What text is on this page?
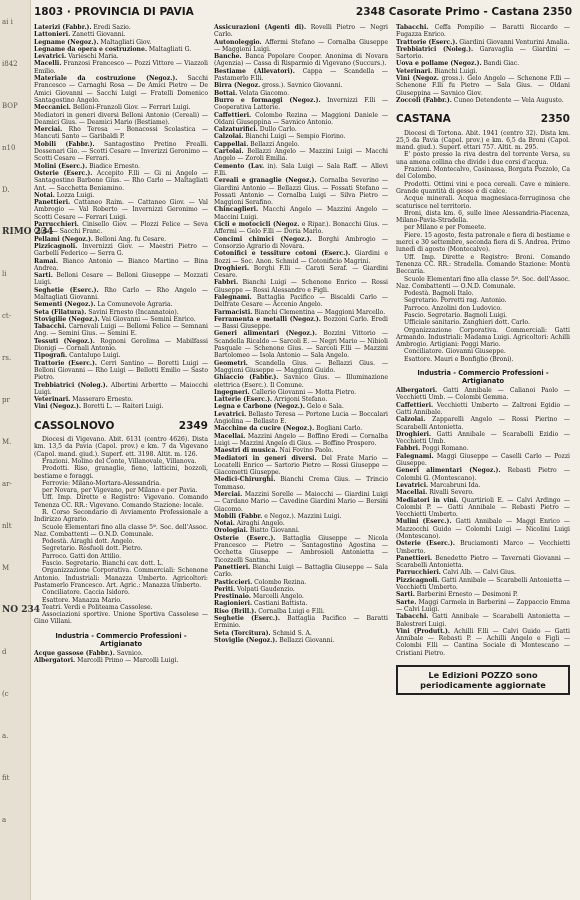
ai i
i842
BOP
n10
D.
RIMO 234
li
ct-
rs.
pr
M.
ar-
nlt
M
NO 234
d
(c
a.
fit
a
1803 · PROVINCIA DI PAVIA	2348 Casorate Primo - Castana 2350

Laterizi (Fabbr.). Eredi Sazio.

Lattonieri. Zanetti Giovanni.

Legname (Negoz.). Maltagliati Giov.

Legname da opera e costruzione. Maltagliati G.

Levatrici. Varieschi Maria.

Macelli. Franzosi Francesco — Pozzi Vittore — Viazzoli Emilio.

Materiale da costruzione (Negoz.). Sacchi Francesco — Carnaghi Rosa — De Amici Pietro — De Amici Giovanni — Sacchi Luigi — Fratelli Domenico Santagostino Angelo.

Meccanici. Belloni-Franzoli Giov. — Ferrari Luigi.

Mediatori in generi diversi Belloni Antonio (Cereali) — Deamici Gius. — Deamici Mario (Bestiame).

Merciai. Rho Teresa — Bonacossi Scolastica — Mancuti Santo — Garibaldi P.

Mobili (Fabbr.). Santagostino Pretino Frealli. Dossenari Gio. — Scotti Cesare — Inverizzi Geronimo — Scotti Cesare — Ferrari.

Molini (Eserc.). Biadice Ernesto.

Osterie (Eserc.). Accepito F.lli — Gi ni Angelo — Santagostino Barbone Gius. — Rho Carlo — Maltagliati Ant. — Sacchetta Beniamino.

Notai. Lozza Luigi.

Panettieri. Cattaneo Raim. — Cattaneo Giov. — Val Ambrogio — Val Roberto — Invernizzi Geronimo — Scotti Cesare — Ferrari Luigi.

Parrucchieri. Cinisello Giov. — Plozzi Felice — Seva Gius. — Sacchi Franc.

Pellami (Negoz.). Belloni Ang. fu Cesare.

Pizzicagnoli. Invernizzi Giov. — Maestri Pietro — Garbelli Federico — Serra G.

Ramai. Bianco Antonio — Bianco Martino — Bina Andrea.

Sarti. Belloni Cesare — Belloni Giuseppe — Mozzati Luigi.

Seghetie (Eserc.). Rho Carlo — Rho Angelo — Maltagliati Giovanni.

Sementi (Negoz.). La Comunevole Agraria.

Seta (Filatura). Savini Ernesto (Incannatoio).

Stovigilie (Negoz.). Vai Giovanni — Seminì Enrico.

Tabacchi. Carnevali Luigi — Bellomi Felice — Semnani Ang. — Semini Gius. — Semini E.

Tessuti (Negoz.). Rognoni Gerolima — Mabilfassi Dionigi — Cornali Antonio.

Tipografi. Cantalupo Luigi.

Trattorie (Eserc.). Cerri Santino — Boretti Luigi — Belloni Giovanni — Rho Luigi — Bellotti Emilio — Sasto Pietro.

Trebbiatrici (Noleg.). Albertini Arbertto — Maiocchi Luigi.

Veterinari. Masseraro Ernesto.

Vini (Negoz.). Boretti L. — Raiteri Luigi.

CASSOLNOVO	2349

Diocesi di Vigevano. Abit. 6131 (centro 4626). Dista km. 13,5 da Pavia (Capol. prov.) e km. 7 da Vigevano (Capol. mand. giud.). Superf. ett. 3198. Altit. m. 126.

Frazioni. Molino del Conte, Villanovale, Villanova.

Prodotti. Riso, granaglie, fieno, latticini, bozzoli, bestiame e foraggi.

Ferrovie: Milano-Mortara-Alessandria.

per Novara, per Vigevano, per Milano e per Pavia.

Uff. Imp. Dirette e Registro: Vigevano. Comando Tenenza CC. RR.: Vigevano. Comando Stazione: locale.

R. Corso Secondario di Avviamento Professionale a Indirizzo Agrario.

Scuole Elementari fino alla classe 5ª. Soc. dell'Assoc. Naz. Combattenti — O.N.D. Comunale.

Podestà. Airaghi dott. Angelo.

Segretario. Rosfuoli dott. Pietro.

Parroco. Gatti don Attilio.

Fascio. Segretario. Bianchi cav. dott. L.

Organizzazione Corporativa. Commerciali: Schenone Antonio. Industriali: Manazza Umberto. Agricoltori: Pastamerlo Francesco. Art. Agric.: Manazza Umberto.

Conciliatore. Caccia Isidoro.

Esattore. Manazza Mario.

Teatri. Verdi e Politeama Cassolese.

Associazioni sportive. Unione Sportiva Cassolese — Gino Villani.

Industria - Commercio Professioni - Artigianato

Acque gassose (Fabbr.). Savnico.

Albergatori. Marcolli Primo — Marcolli Luigi.

Assicurazioni (Agenti di). Rovelli Pietro — Negri Carlo.

Autonoleggio. Affermi Stefano — Cornalba Giuseppe — Maggioni Luigi.

Banche. Banca Popolare Cooper. Anonima di Novara (Agenzia) — Cassa di Risparmio di Vigevano (Succurs.).

Bestiame (Allevatori). Cappa — Scandella — Pastamerlo F.lli.

Birra (Negoz. gross.). Savnico Giovanni.

Bottai. Velata Giacomo.

Burro e formaggi (Negoz.). Invernizzi F.lli — Cooperativa Latterie.

Caffettieri. Colombo Rezina — Maggioni Daniele — Oldani Giuseppina — Savnico Antonio.

Calzaturifici. Dullo Carlo.

Calzolai. Bianchi Luigi — Sempio Fiorino.

Cappellai. Bellazzi Angelo.

Cartolai. Bellazzi Angelo — Mazzini Luigi — Macchi Angelo — Zoroli Emilia.

Cemento (Lav. in). Sala Luigi — Sala Raff. — Allevi F.lli.

Cereali e granaglie (Negoz.). Cornalba Severino — Giardini Antonio — Bellazzi Gius. — Fossati Stefano — Fossati Antonio — Cornalba Luigi — Silva Pietro — Maggioni Serafino.

Chincaglieri. Macchi Angelo — Mazzini Angelo — Maccini Luigi.

Cicli e motocicli (Negoz. e Ripar.). Bonacchi Gius. — Affermi — Gelo F.lli — Doria Mario.

Concimi chimici (Negoz.). Borghi Ambrogio — Consorzio Agrario di Novara.

Cotonifici e tessiture cotoni (Eserc.). Giardini e Bozzi — Soc. Anon. Schmid — Cotonificio Magrini.

Droghieri. Borghi F.lli — Carati Seraf. — Giardini Cesare.

Fabbri. Bianchi Luigi — Schenone Enrico — Rossi Giuseppe — Rossi Alessandro e Figli.

Falegnami. Battaglia Pacifico — Biscaldi Carlo — Delfrate Cesare — Accenio Angelo.

Farmacisti. Bianchi Clementina — Maggioni Marcello.

Ferramenta e metalli (Negoz.). Bozzoni Carlo. Eredi — Bassi Giuseppe.

Generi alimentari (Negoz.). Bozzini Vittorio — Scandella Ricaldo — Sarcoli E. — Negri Mario — Nibioli Pasquale — Schenone Gius. — Sarcoli F.lli — Mazzini Bartolomeo — Isola Antonio — Sala Angelo.

Geometri. Scandella Gius. — Bellazzi Gius. — Maggioni Giuseppe — Maggioni Guido.

Ghiaccio (Fabbr.). Savnico Gius. — Illuminazione elettrica (Eserc.). Il Comune.

Ingegneri. Callerio Giovanni — Motta Pietro.

Latterie (Eserc.). Arrigoni Stefano.

Legna e Carbone (Negoz.). Gelo e Sala.

Levatrici. Bellasto Teresa — Portone Lucia — Boccalari Angiolina — Bellasto E.

Macchine da cucire (Negoz.). Bogliani Carlo.

Macellai. Mazzini Angelo — Boffino Eredi — Cornalba Luigi — Mazzini Angelo di Gius. — Boffino Prospero.

Maestri di musica. Nai Fovino Paolo.

Mediatori in generi diversi. Del Frate Mario — Locatelli Enrico — Sartorio Pietro — Rossi Giuseppe — Giacometti Giuseppe.

Medici-Chirurghi. Bianchi Crema Gius. — Trincio Tommaso.

Merciai. Mazzini Sorelle — Maiocchi — Giardini Luigi — Cardano Mario — Cavedine Giardini Mario — Bersini Giacomo.

Mobili (Fabbr. e Negoz.). Mazzini Luigi.

Notai. Airaghi Angelo.

Orologiai. Biatto Giovanni.

Osterie (Eserc.). Battaglia Giuseppe — Nicola Francesco — Pietro — Santagostino Agostina — Occhetta Giuseppe — Ambrosioli Antonietta — Ticozzelli Santina.

Panettieri. Bianchi Luigi — Battaglia Giuseppe — Sala Carlo.

Pasticcieri. Colombo Rezina.

Periti. Volpati Gaudenzio.

Prestinaio. Marcelli Angelo.

Ragionieri. Castiani Battista.

Riso (Brill.). Cornalba Luigi e F.lli.

Seghetie (Eserc.). Battaglia Pacifico — Baratti Erminio.

Seta (Torcitura). Schmid S. A.

Stoviglie (Negoz.). Bellazzi Giovanni.

Tabacchi. Ceffa Pompilio — Baratti Riccardo — Fugazza Enrico.

Trattorie (Eserc.). Giardini Giovanni Venturini Amalia.

Trebbiatrici (Noleg.). Garavaglia — Giardini — Sartorio.

Uova e pollame (Negoz.). Bandi Giac.

Veterinari. Bianchi Luigi.

Vini (Negoz. gross.). Gelo Angelo — Schenone F.lli — Schenone F.lli fu Pietro — Sala Gius. — Oldani Giuseppina — Savnico Giov.

Zoccoli (Fabbr.). Cuneo Detendente — Vela Augusto.

CASTANA	2350

Diocesi di Tortona. Abit. 1941 (centro 32). Dista km. 25,5 da Pavia (Capol. prov.) e km. 6,5 da Broni (Capol. mand. giud.). Superf. ettari 757. Altit. m. 295.

E' posto presso la riva destra del torrente Versa, su una amena collina che divide i due corsi d'acqua.

Frazioni. Montecalvo, Casinassa, Borgata Pozzolo, Ca del Colombo.

Prodotti. Ottimi vini e poca cereali. Cave e miniere. Grande quantità di gesso e di calce.

Acque minerali. Acqua magnesiaca-ferruginosa che scaturisce nel territorio.

Broni, dista km. 6, sulle linee Alessandria-Piacenza, Milano-Pavia-Stradella.

per Milano e per Pomeete.

Fiere. 15 agosto, festa patronale e fiera di bestiame e merci e 30 settembre, seconda fiera di S. Andrea. Primo lunedì di agosto (Montecalvo).

Uff. Imp. Dirette e Registro: Broni. Comando Tenenza CC. RR.: Stradella. Comando Stazione: Montù Beccaria.

Scuole Elementari fino alla classe 5ª. Soc. dell'Assoc. Naz. Combattenti — O.N.D. Comunale.

Podestà. Bagnoli Italo.

Segretario. Porretti rag. Antonio.

Parroco. Anzolini don Ludovico.

Fascio. Segretario. Bagnoli Luigi.

Ufficiale sanitario. Zanghieri dott. Carlo.

Organizzazione Corporativa. Commerciali: Gatti Armando. Industriali: Madama Luigi. Agricoltori: Achilli Ambrogio. Artigiani: Poggi Mario.

Conciliatore. Giovanni Giuseppe.

Esattore. Mauri e Bonfiglio (Broni).

Industria - Commercio Professioni - Artigianato

Albergatori. Gatti Annibale — Calianoi Paolo — Vecchietti Umb. — Colombi Gemma.

Caffettieri. Vecchietti Umberto — Zaltroni Egidio — Gatti Annibale.

Calzolai. Zapparelli Angelo — Rossi Pierino — Scarabelli Antonietta.

Droghieri. Gatti Annibale — Scarabelli Ezidio — Vecchietti Umb.

Fabbri. Poggi Romano.

Falegnami. Maggi Giuseppe — Caselli Carlo — Pozzi Giuseppe.

Generi alimentari (Negoz.). Rebasti Pietro — Colombi G. (Montescano).

Levatrici. Marcabruni Ida.

Macellai. Rivalli Severo.

Mediatori in vini. Quartirioli E. — Calvi Ardingo — Colombi P. — Gatti Annibale — Rebasti Pietro — Vecchietti Umberto.

Mulini (Eserc.). Gatti Annibale — Maggi Enrico — Mazzocchi Guido — Colombi Luigi — Nicolini Luigi (Montescano).

Osterie (Eserc.). Bruciamonti Marco — Vecchietti Umberto.

Panettieri. Benedetto Pietro — Tavernati Giovanni — Scarabelli Antonietta.

Parrucchieri. Calvi Alb. — Calvi Gius.

Pizzicagnoli. Gatti Annibale — Scarabelli Antonietta — Vecchietti Umberto.

Sarti. Barberini Ernesto — Desimoni P.

Sarte. Maggi Carmela in Barberini — Zappaccio Emma — Calvi Luigi.

Tabacchi. Gatti Annibale — Scarabelli Antonietta — Balestreri Luigi.

Vini (Produtt.). Achilli F.lli — Calvi Guido — Gatti Annibale — Rebasti P. — Achilli Angelo e Figli — Colombi F.lli — Cantina Sociale di Montescano — Cristiani Pietro.

Le Edizioni POZZO sono periodicamente aggiornate
